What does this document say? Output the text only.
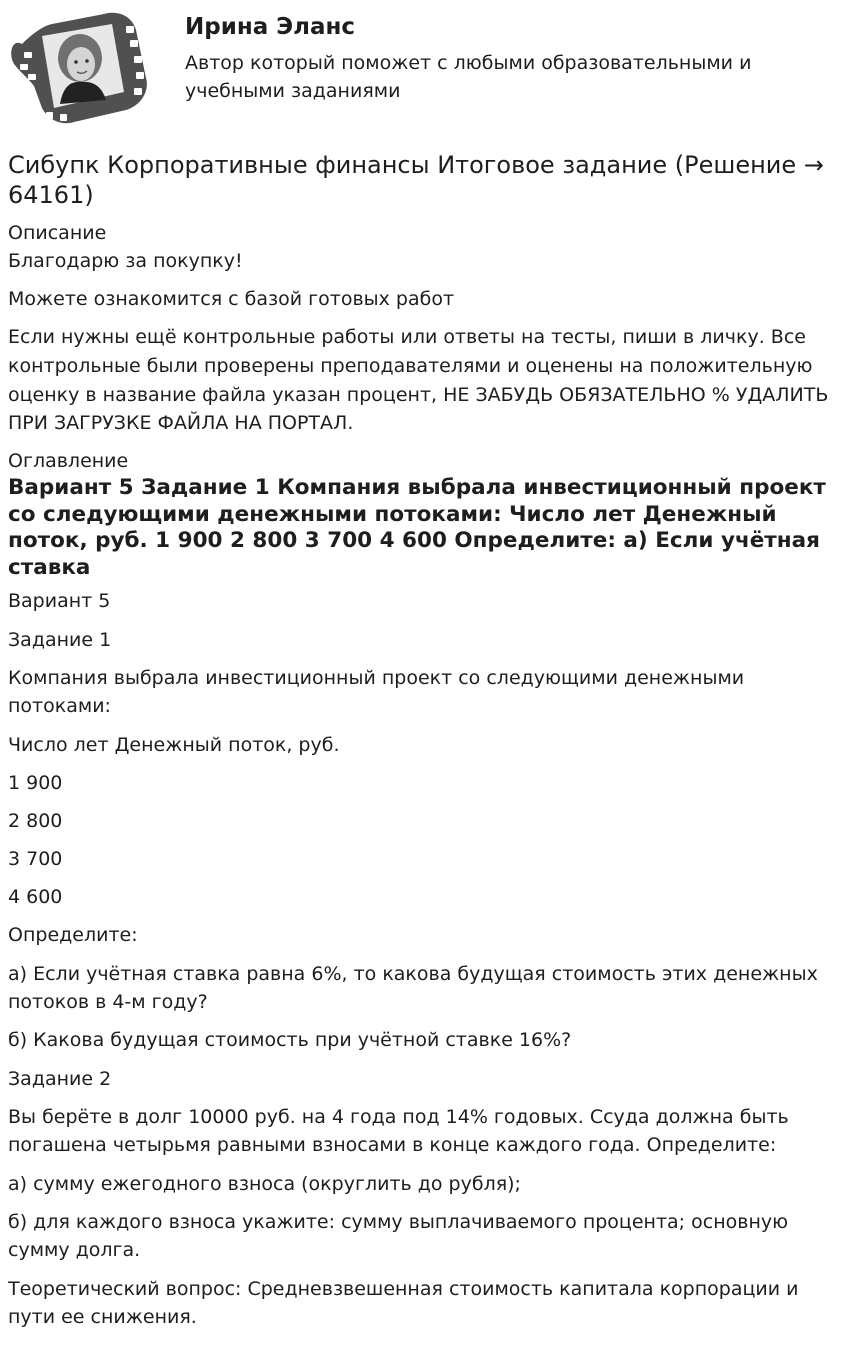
Ирина Эланс

Автор который поможет с любыми образовательными и учебными заданиями

Сибупк Корпоративные финансы Итоговое задание (Решение → 64161)
Описание

Благодарю за покупку!

Можете ознакомится с базой готовых работ

Если нужны ещё контрольные работы или ответы на тесты, пиши в личку. Все контрольные были проверены преподавателями и оценены на положительную оценку в название файла указан процент, НЕ ЗАБУДЬ ОБЯЗАТЕЛЬНО % УДАЛИТЬ ПРИ ЗАГРУЗКЕ ФАЙЛА НА ПОРТАЛ.

Оглавление
Вариант 5 Задание 1 Компания выбрала инвестиционный проект со следующими денежными потоками: Число лет Денежный поток, руб. 1 900 2 800 3 700 4 600 Определите: а) Если учётная ставка

Вариант 5

Задание 1

Компания выбрала инвестиционный проект со следующими денежными потоками:

Число лет Денежный поток, руб.

1 900

2 800

3 700

4 600

Определите:

а) Если учётная ставка равна 6%, то какова будущая стоимость этих денежных потоков в 4-м году?

б) Какова будущая стоимость при учётной ставке 16%?

Задание 2

Вы берёте в долг 10000 руб. на 4 года под 14% годовых. Ссуда должна быть погашена четырьмя равными взносами в конце каждого года. Определите:

а) сумму ежегодного взноса (округлить до рубля);

б) для каждого взноса укажите: сумму выплачиваемого процента; основную сумму долга.

Теоретический вопрос: Средневзвешенная стоимость капитала корпорации и пути ее снижения.
